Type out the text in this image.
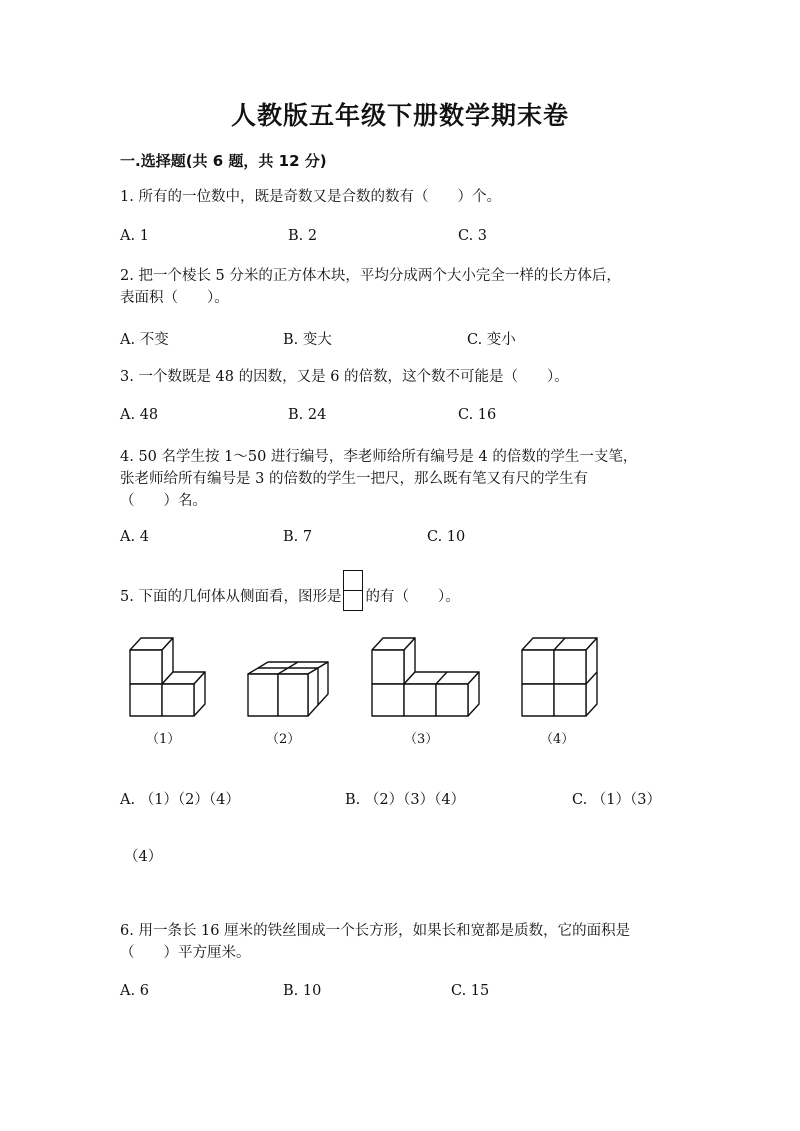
人教版五年级下册数学期末卷
一.选择题(共 6 题，共 12 分)
1. 所有的一位数中，既是奇数又是合数的数有（　　）个。
A. 1	B. 2	C. 3
2. 把一个棱长 5 分米的正方体木块，平均分成两个大小完全一样的长方体后，
表面积（　　）。
A. 不变	B. 变大	C. 变小
3. 一个数既是 48 的因数，又是 6 的倍数，这个数不可能是（　　）。
A. 48	B. 24	C. 16
4. 50 名学生按 1～50 进行编号，李老师给所有编号是 4 的倍数的学生一支笔，
张老师给所有编号是 3 的倍数的学生一把尺，那么既有笔又有尺的学生有
（　　）名。
A. 4	B. 7	C. 10
5. 下面的几何体从侧面看，图形是 的有（　　）。
（1）	（2）	（3）	（4）
A. （1）（2）（4）	B. （2）（3）（4）	C. （1）（3）
（4）
6. 用一条长 16 厘米的铁丝围成一个长方形，如果长和宽都是质数，它的面积是
（　　）平方厘米。
A. 6	B. 10	C. 15
